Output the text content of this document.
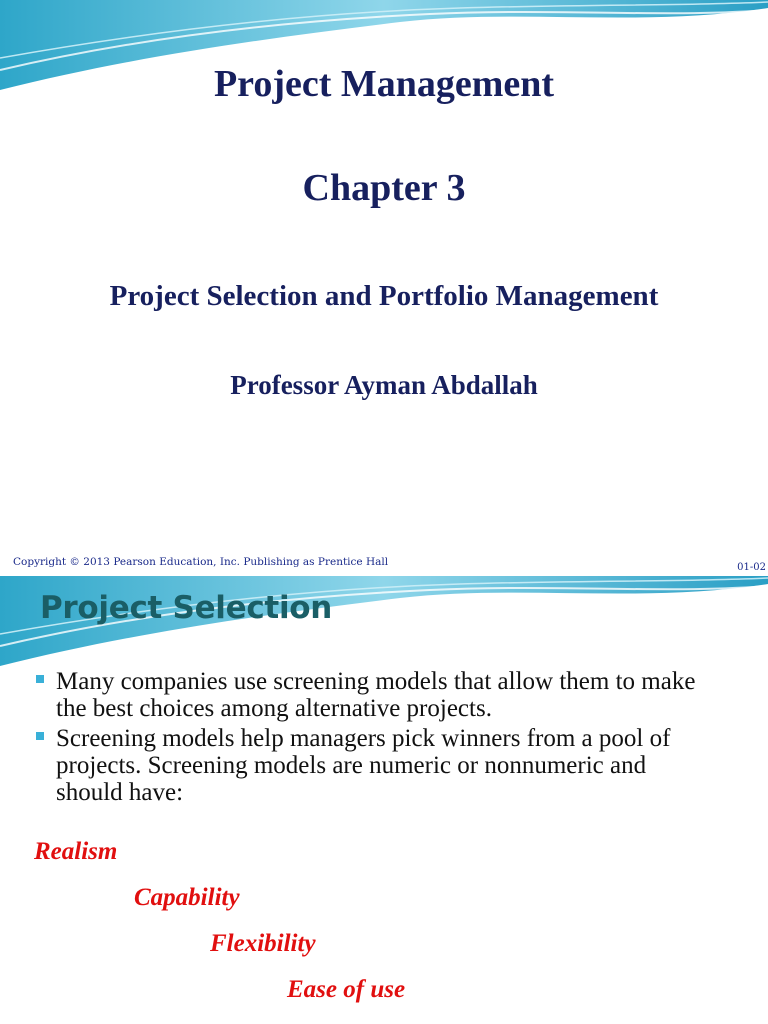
Project Management
Chapter 3
Project Selection and Portfolio Management
Professor Ayman Abdallah
Copyright © 2013 Pearson Education, Inc. Publishing as Prentice Hall	01-02
Project Selection
Many companies use screening models that allow them to make the best choices among alternative projects.
Screening models help managers pick winners from a pool of projects. Screening models are numeric or nonnumeric and should have:
Realism
Capability
Flexibility
Ease of use
